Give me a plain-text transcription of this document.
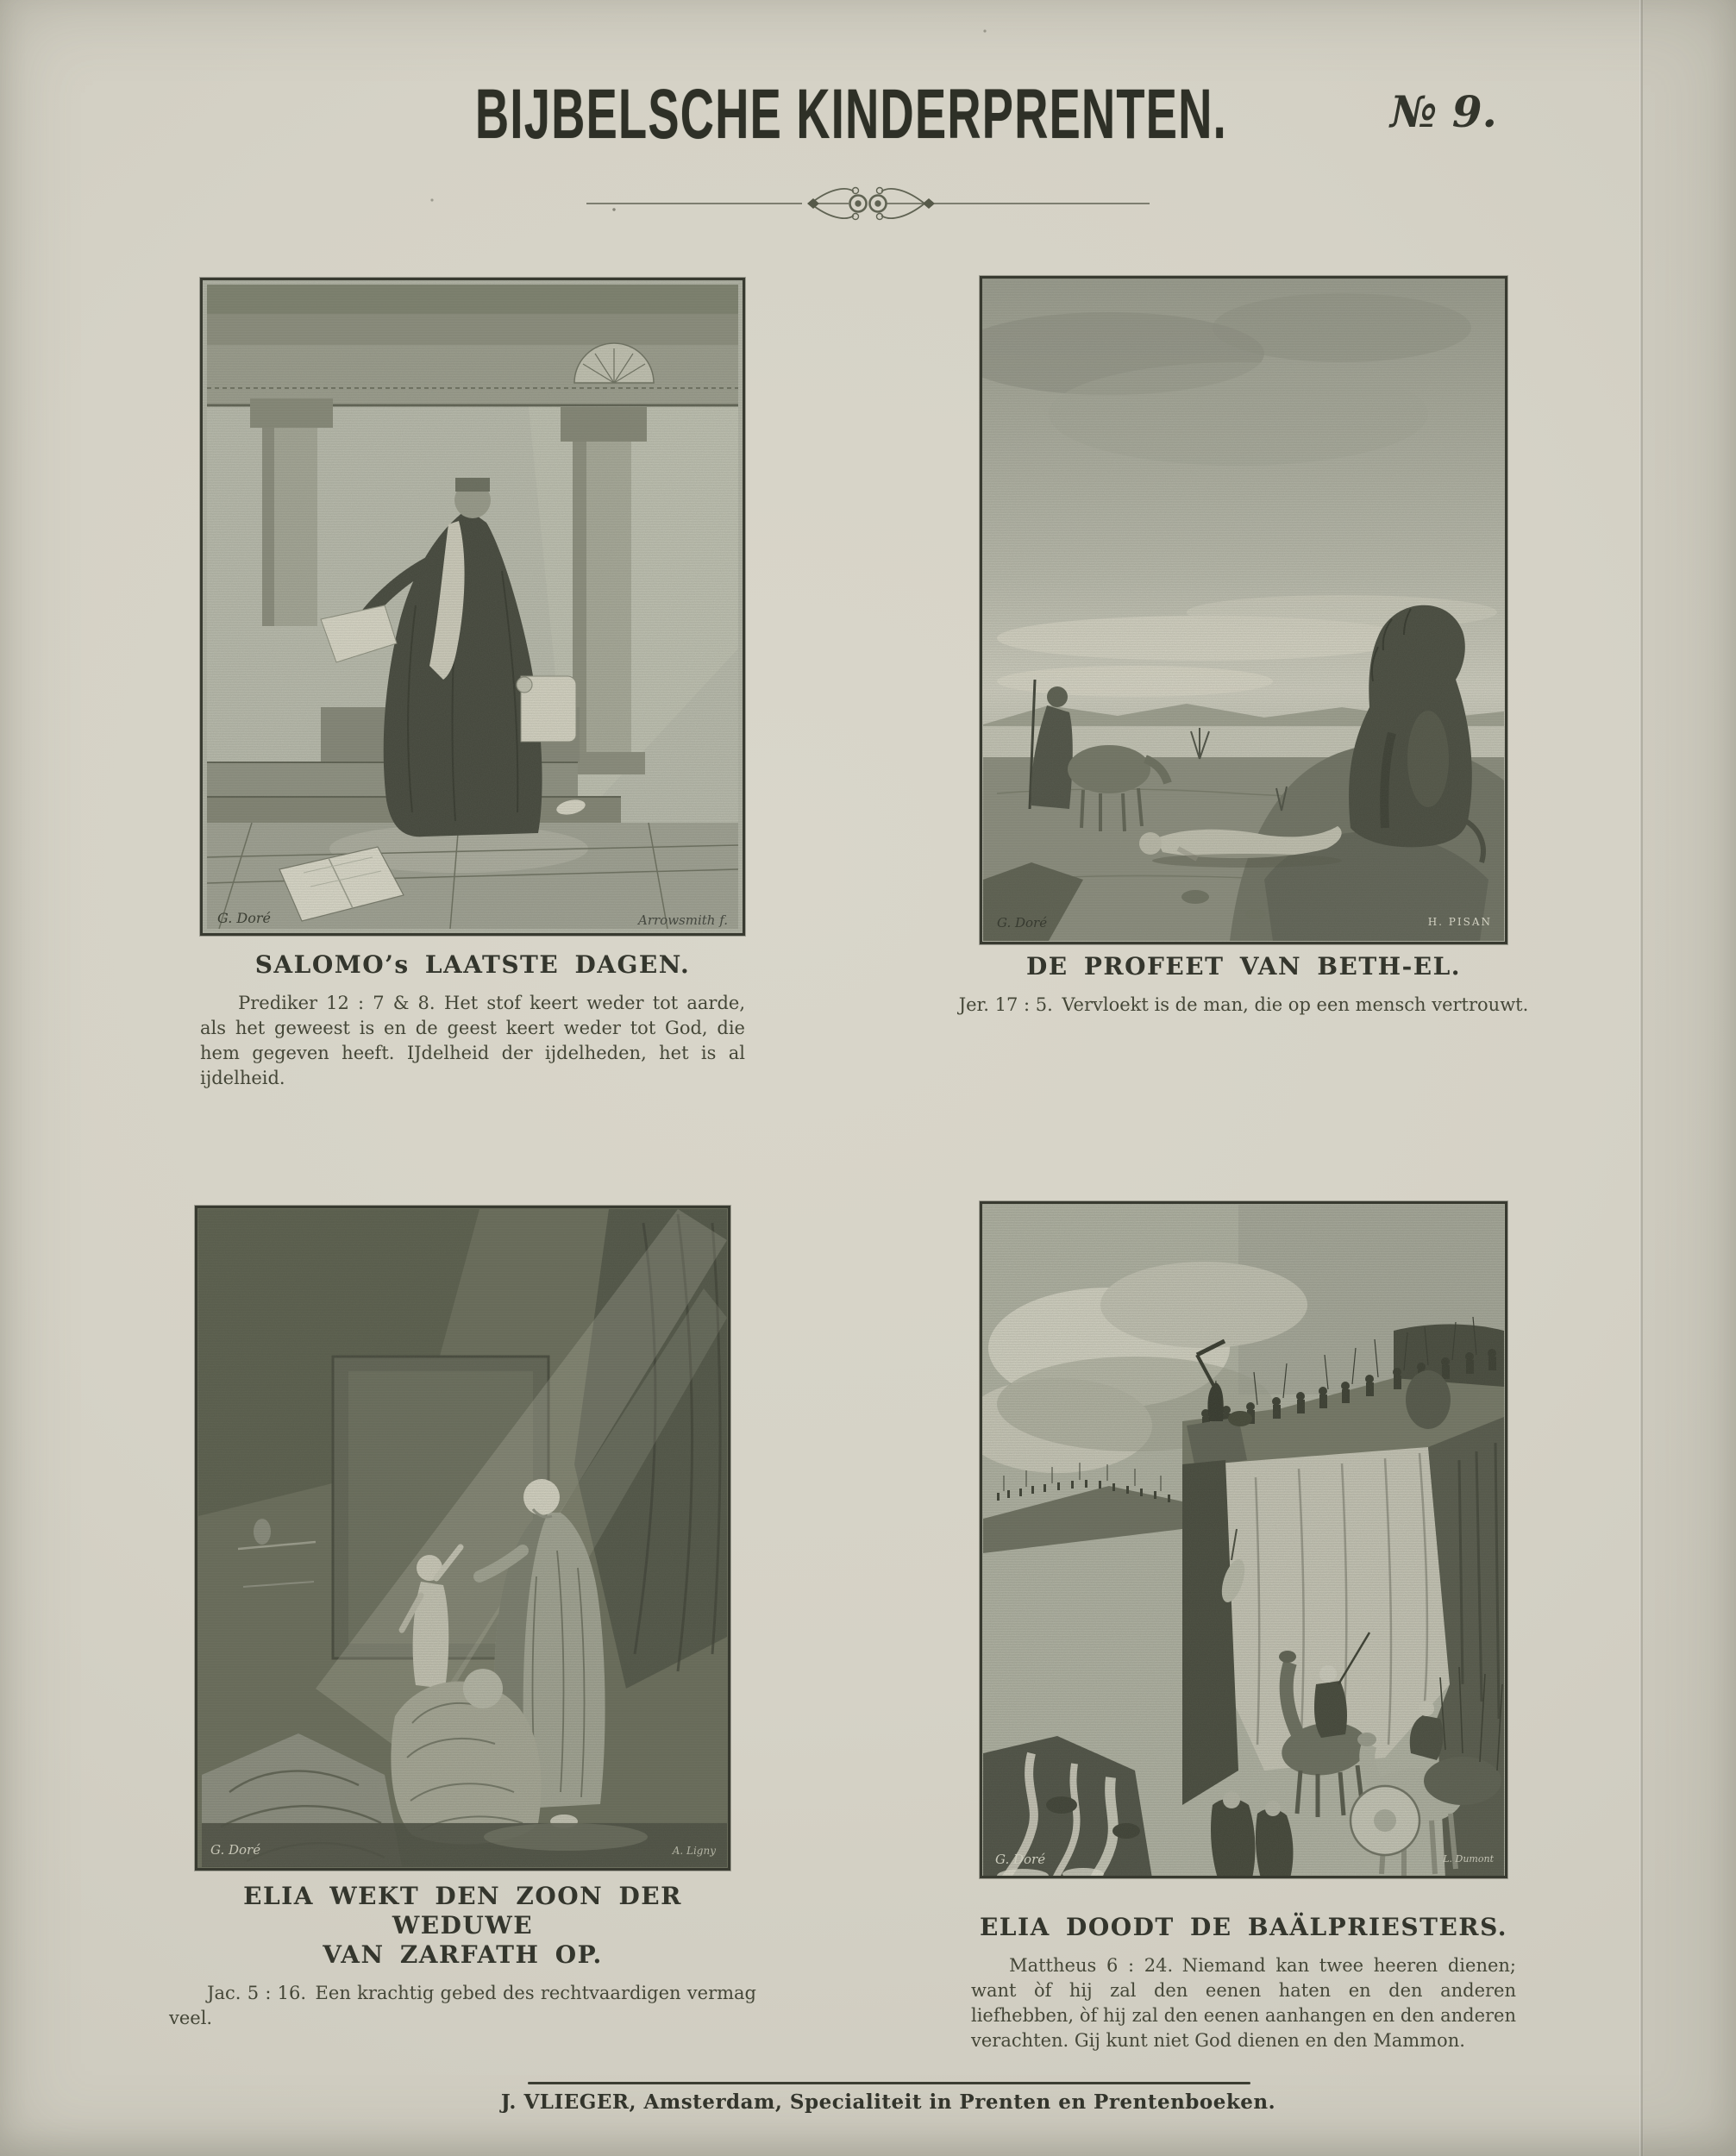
BIJBELSCHE KINDERPRENTEN.	№ 9.
G. Doré	Arrowsmith f.	G. Doré	H. PISAN
G. Doré	A. Ligny
G. Doré	L. Dumont
SALOMO’s LAATSTE DAGEN.
Prediker 12 : 7 & 8. Het stof keert weder tot aarde, als het geweest is en de geest keert weder tot God, die hem gegeven heeft. IJdelheid der ijdelheden, het is al ijdelheid.
DE PROFEET VAN BETH-EL.
Jer. 17 : 5. Vervloekt is de man, die op een mensch vertrouwt.
ELIA WEKT DEN ZOON DER WEDUWE
VAN ZARFATH OP.
Jac. 5 : 16. Een krachtig gebed des rechtvaardigen vermag veel.
ELIA DOODT DE BAÄLPRIESTERS.
Mattheus 6 : 24. Niemand kan twee heeren dienen; want òf hij zal den eenen haten en den anderen liefhebben, òf hij zal den eenen aanhangen en den anderen verachten. Gij kunt niet God dienen en den Mammon.
J. VLIEGER, Amsterdam, Specialiteit in Prenten en Prentenboeken.
